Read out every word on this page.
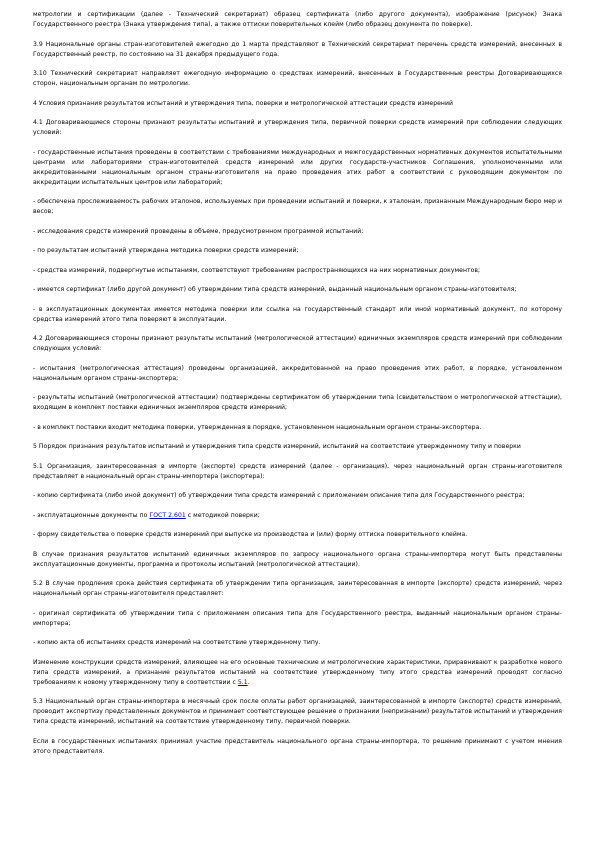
метрологии и сертификации (далее - Технический секретариат) образец сертификата (либо другого документа), изображение (рисунок) Знака Государственного реестра (Знака утверждения типа), а также оттиски поверительных клейм (либо образец документа по поверке).

3.9 Национальные органы стран-изготовителей ежегодно до 1 марта представляют в Технический секретариат перечень средств измерений, внесенных в Государственный реестр, по состоянию на 31 декабря предыдущего года.

3.10 Технический секретариат направляет ежегодную информацию о средствах измерений, внесенных в Государственные реестры Договаривающихся сторон, национальным органам по метрологии.

4 Условия признания результатов испытаний и утверждения типа, поверки и метрологической аттестации средств измерений

4.1 Договаривающиеся стороны признают результаты испытаний и утверждения типа, первичной поверки средств измерений при соблюдении следующих условий:

- государственные испытания проведены в соответствии с требованиями международных и межгосударственных нормативных документов испытательными центрами или лабораториями стран-изготовителей средств измерений или других государств-участников Соглашения, уполномоченными или аккредитованными национальным органом страны-изготовителя на право проведения этих работ в соответствии с руководящим документом по аккредитации испытательных центров или лабораторий;

- обеспечена прослеживаемость рабочих эталонов, используемых при проведении испытаний и поверки, к эталонам, признанным Международным бюро мер и весов;

- исследования средств измерений проведены в объеме, предусмотренном программой испытаний;

- по результатам испытаний утверждена методика поверки средств измерений;

- средства измерений, подвергнутые испытаниям, соответствуют требованиям распространяющихся на них нормативных документов;

- имеется сертификат (либо другой документ) об утверждении типа средств измерений, выданный национальным органом страны-изготовителя;

- в эксплуатационных документах имеется методика поверки или ссылка на государственный стандарт или иной нормативный документ, по которому средства измерений этого типа поверяют в эксплуатации.

4.2 Договаривающиеся стороны признают результаты испытаний (метрологической аттестации) единичных экземпляров средств измерений при соблюдении следующих условий:

- испытания (метрологическая аттестация) проведены организацией, аккредитованной на право проведения этих работ, в порядке, установленном национальным органом страны-экспортера;

- результаты испытаний (метрологической аттестации) подтверждены сертификатом об утверждении типа (свидетельством о метрологической аттестации), входящим в комплект поставки единичных экземпляров средств измерений;

- в комплект поставки входит методика поверки, утвержденная в порядке, установленном национальным органом страны-экспортера.

5 Порядок признания результатов испытаний и утверждения типа средств измерений, испытаний на соответствие утвержденному типу и поверки

5.1 Организация, заинтересованная в импорте (экспорте) средств измерений (далее - организация), через национальный орган страны-изготовителя представляет в национальный орган страны-импортера (экспортера):

- копию сертификата (либо иной документ) об утверждении типа средств измерений с приложением описания типа для Государственного реестра;

- эксплуатационные документы по ГОСТ 2.601 с методикой поверки;

- форму свидетельства о поверке средств измерений при выпуске из производства и (или) форму оттиска поверительного клейма.

В случае признания результатов испытаний единичных экземпляров по запросу национального органа страны-импортера могут быть представлены эксплуатационные документы, программа и протоколы испытаний (метрологической аттестации).

5.2 В случае продления срока действия сертификата об утверждении типа организация, заинтересованная в импорте (экспорте) средств измерений, через национальный орган страны-изготовителя представляет:

- оригинал сертификата об утверждении типа с приложением описания типа для Государственного реестра, выданный национальным органом страны-импортера;

- копию акта об испытаниях средств измерений на соответствие утвержденному типу.

Изменение конструкции средств измерений, влияющее на его основные технические и метрологические характеристики, приравнивают к разработке нового типа средств измерений, а признание результатов испытаний на соответствие утвержденному типу этого средства измерений проводят согласно требованиям к новому утвержденному типу в соответствии с 5.1.

5.3 Национальный орган страны-импортера в месячный срок после оплаты работ организацией, заинтересованной в импорте (экспорте) средств измерений, проводит экспертизу представленных документов и принимает соответствующее решение о признании (непризнании) результатов испытаний и утверждения типа средств измерений, испытаний на соответствие утвержденному типу, первичной поверки.

Если в государственных испытаниях принимал участие представитель национального органа страны-импортера, то решение принимают с учетом мнения этого представителя.
